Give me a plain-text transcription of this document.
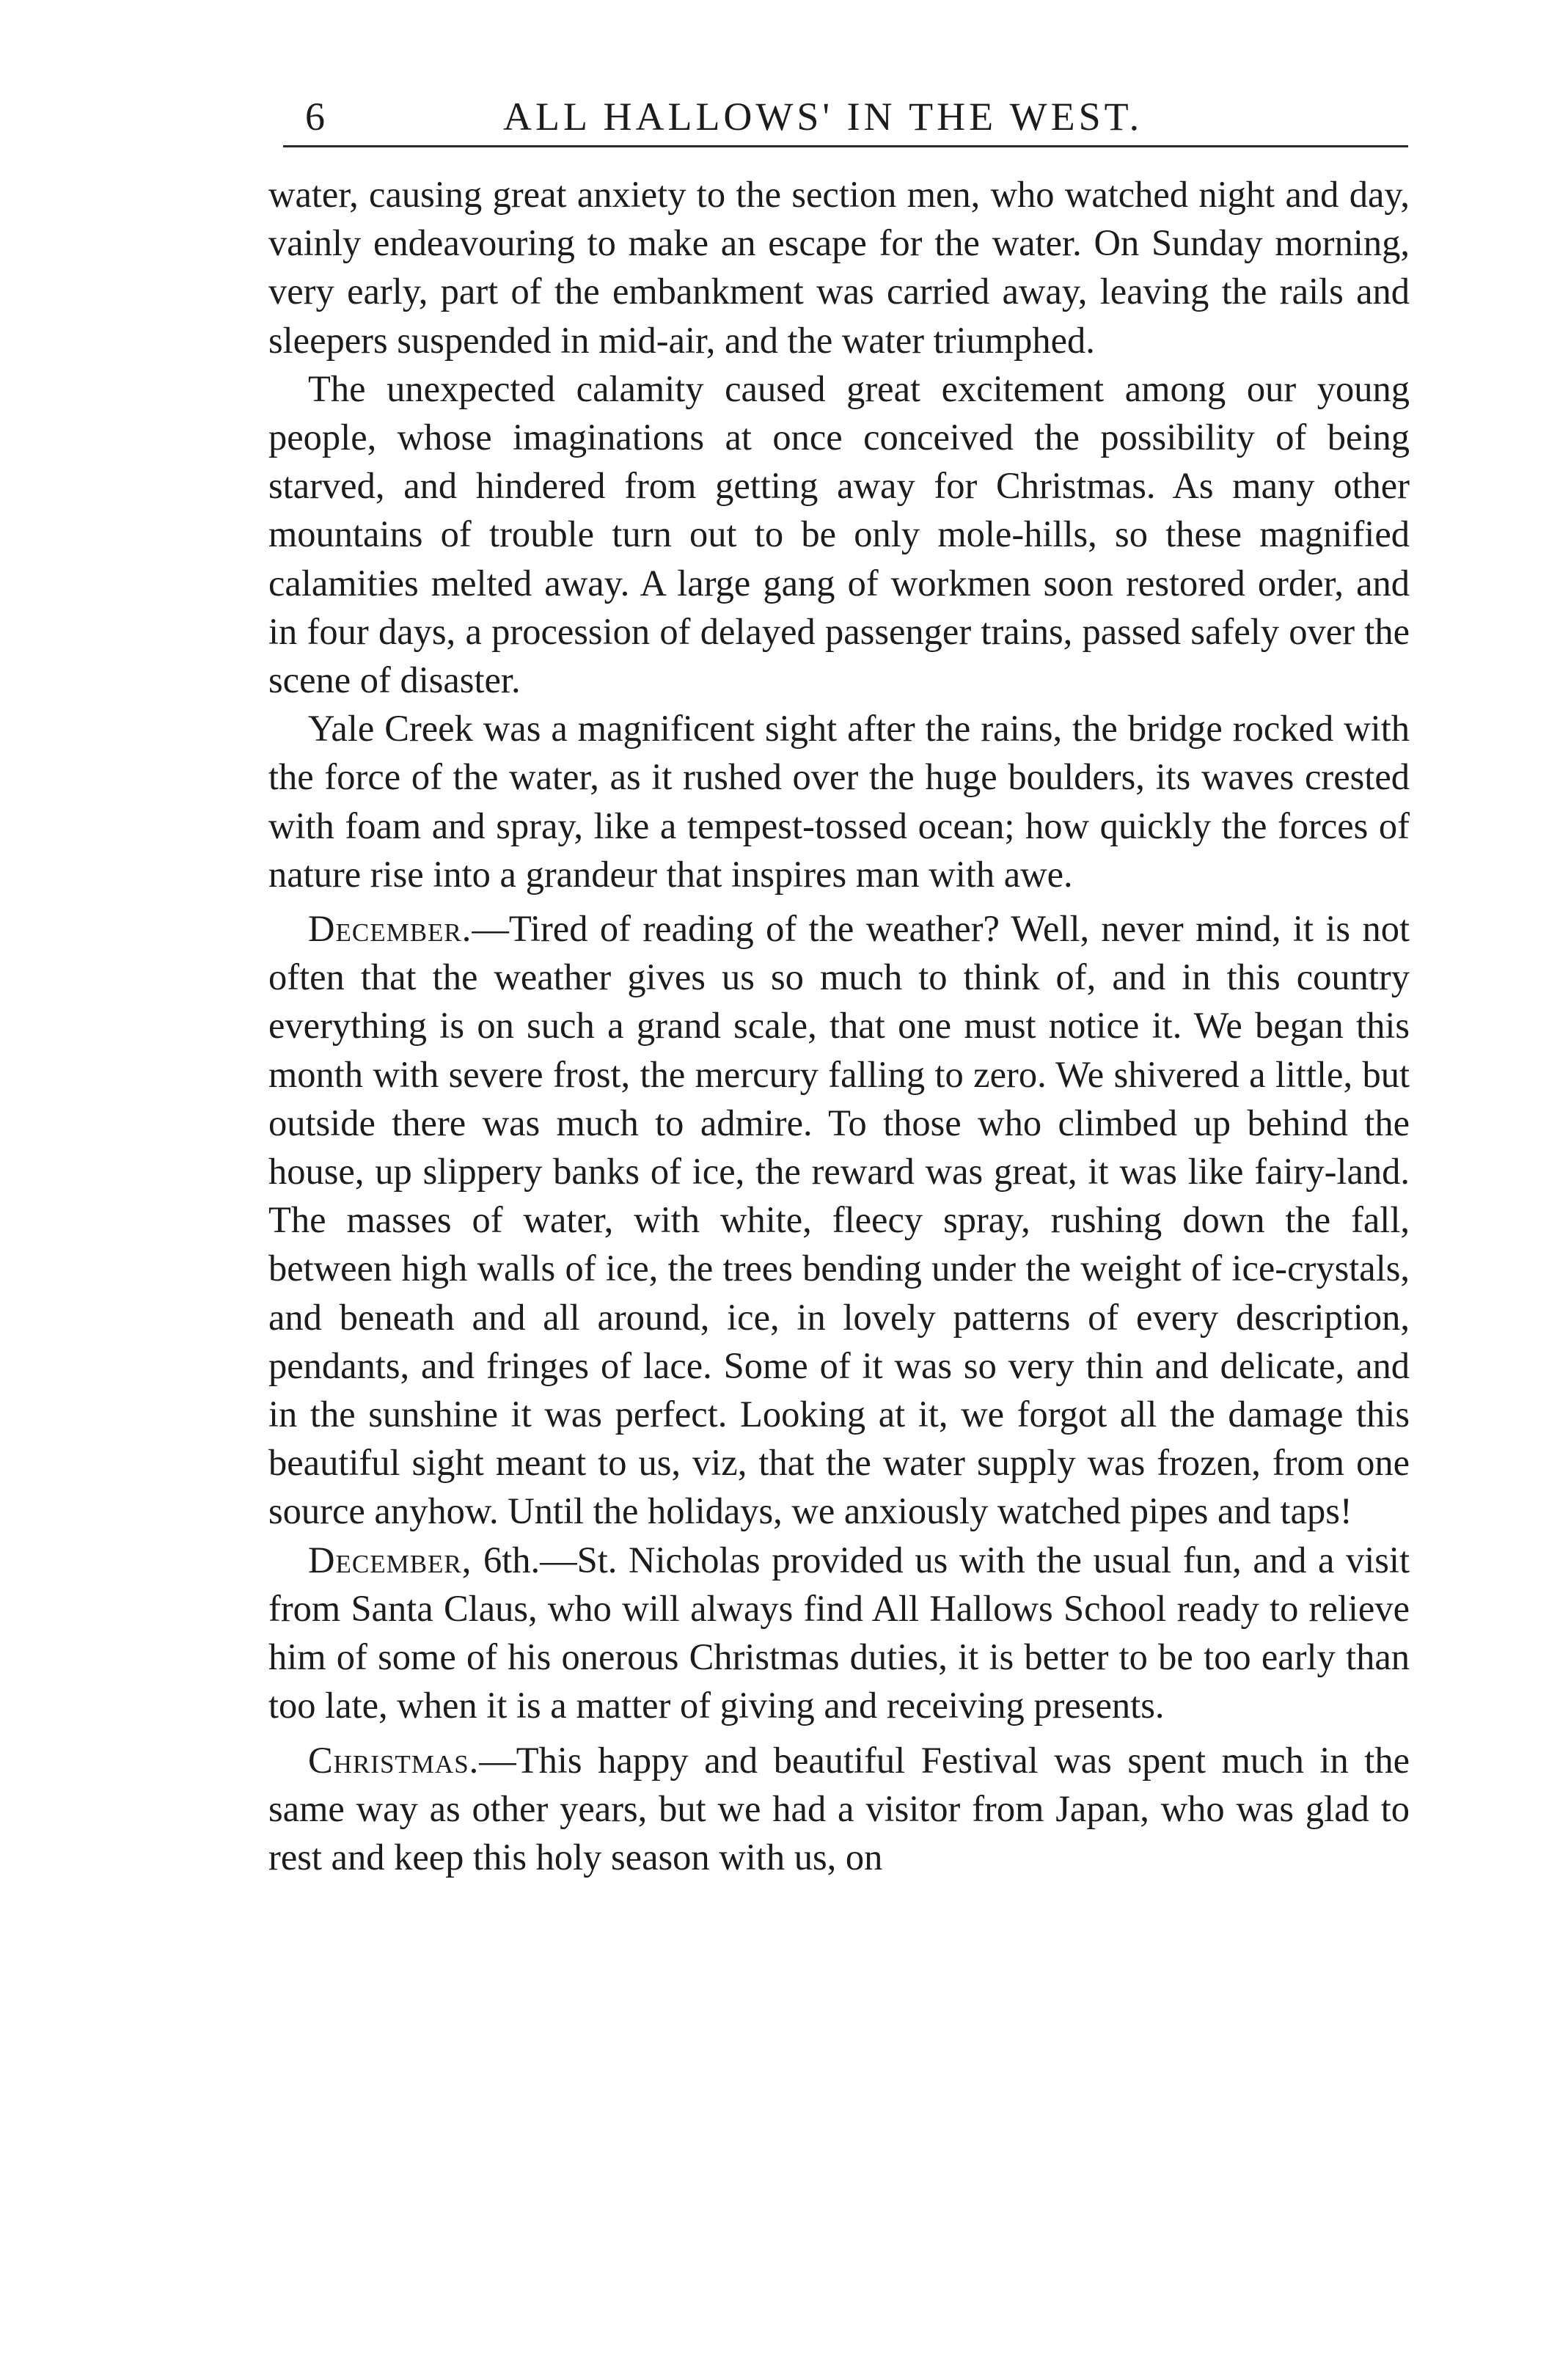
6	ALL HALLOWS' IN THE WEST.

water, causing great anxiety to the section men, who watched night and day, vainly endeavouring to make an escape for the water. On Sunday morning, very early, part of the embankment was carried away, leaving the rails and sleepers suspended in mid-air, and the water triumphed.

The unexpected calamity caused great excitement among our young people, whose imaginations at once conceived the possibility of being starved, and hindered from getting away for Christmas. As many other mountains of trouble turn out to be only mole-hills, so these magnified calamities melted away. A large gang of workmen soon restored order, and in four days, a procession of delayed passenger trains, passed safely over the scene of disaster.

Yale Creek was a magnificent sight after the rains, the bridge rocked with the force of the water, as it rushed over the huge boulders, its waves crested with foam and spray, like a tempest-tossed ocean; how quickly the forces of nature rise into a grandeur that inspires man with awe.

December.—Tired of reading of the weather? Well, never mind, it is not often that the weather gives us so much to think of, and in this country everything is on such a grand scale, that one must notice it. We began this month with severe frost, the mercury falling to zero. We shivered a little, but outside there was much to admire. To those who climbed up behind the house, up slippery banks of ice, the reward was great, it was like fairy-land. The masses of water, with white, fleecy spray, rushing down the fall, between high walls of ice, the trees bending under the weight of ice-crystals, and beneath and all around, ice, in lovely patterns of every description, pendants, and fringes of lace. Some of it was so very thin and delicate, and in the sunshine it was perfect. Looking at it, we forgot all the damage this beautiful sight meant to us, viz, that the water supply was frozen, from one source anyhow. Until the holidays, we anxiously watched pipes and taps!

December, 6th.—St. Nicholas provided us with the usual fun, and a visit from Santa Claus, who will always find All Hallows School ready to relieve him of some of his onerous Christmas duties, it is better to be too early than too late, when it is a matter of giving and receiving presents.

Christmas.—This happy and beautiful Festival was spent much in the same way as other years, but we had a visitor from Japan, who was glad to rest and keep this holy season with us, on
